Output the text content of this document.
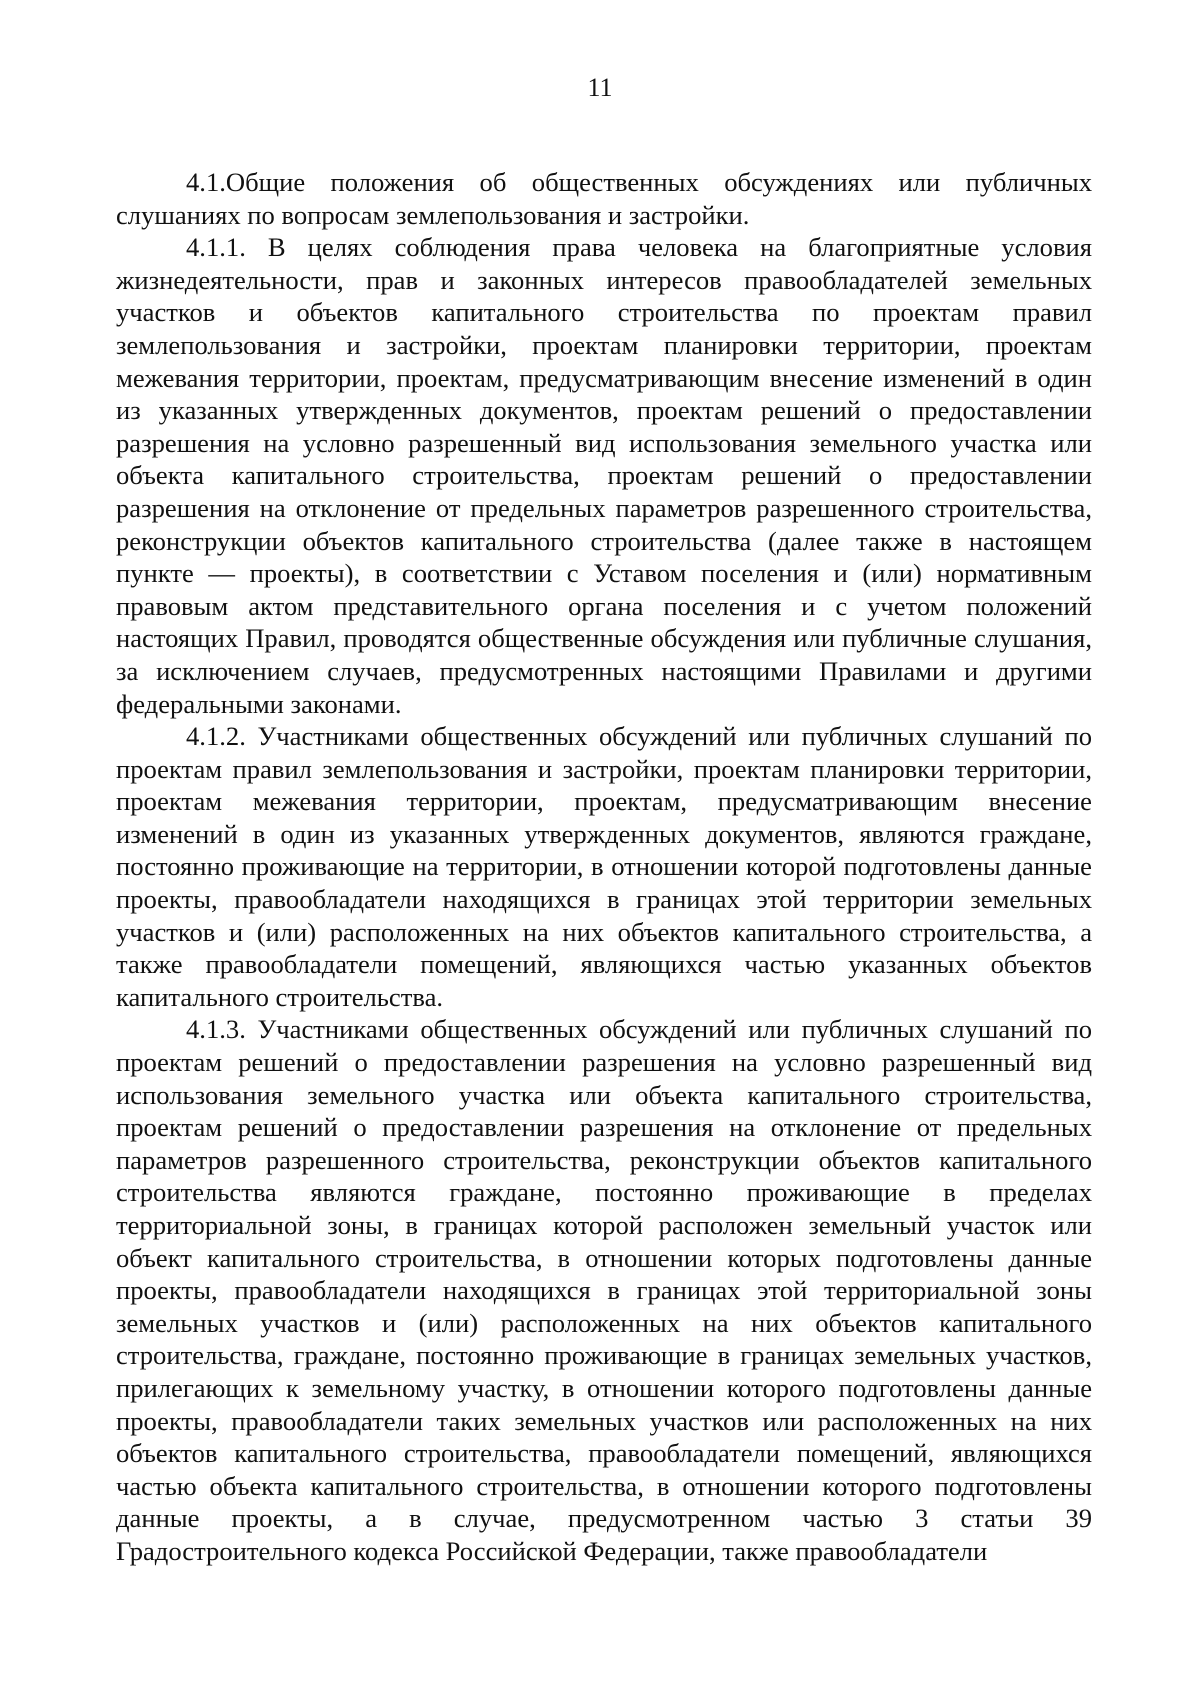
11

4.1.Общие положения об общественных обсуждениях или публичных слушаниях по вопросам землепользования и застройки.

4.1.1. В целях соблюдения права человека на благоприятные условия жизнедеятельности, прав и законных интересов правообладателей земельных участков и объектов капитального строительства по проектам правил землепользования и застройки, проектам планировки территории, проектам межевания территории, проектам, предусматривающим внесение изменений в один из указанных утвержденных документов, проектам решений о предоставлении разрешения на условно разрешенный вид использования земельного участка или объекта капитального строительства, проектам решений о предоставлении разрешения на отклонение от предельных параметров разрешенного строительства, реконструкции объектов капитального строительства (далее также в настоящем пункте — проекты), в соответствии с Уставом поселения и (или) нормативным правовым актом представительного органа поселения и с учетом положений настоящих Правил, проводятся общественные обсуждения или публичные слушания, за исключением случаев, предусмотренных настоящими Правилами и другими федеральными законами.

4.1.2. Участниками общественных обсуждений или публичных слушаний по проектам правил землепользования и застройки, проектам планировки территории, проектам межевания территории, проектам, предусматривающим внесение изменений в один из указанных утвержденных документов, являются граждане, постоянно проживающие на территории, в отношении которой подготовлены данные проекты, правообладатели находящихся в границах этой территории земельных участков и (или) расположенных на них объектов капитального строительства, а также правообладатели помещений, являющихся частью указанных объектов капитального строительства.

4.1.3. Участниками общественных обсуждений или публичных слушаний по проектам решений о предоставлении разрешения на условно разрешенный вид использования земельного участка или объекта капитального строительства, проектам решений о предоставлении разрешения на отклонение от предельных параметров разрешенного строительства, реконструкции объектов капитального строительства являются граждане, постоянно проживающие в пределах территориальной зоны, в границах которой расположен земельный участок или объект капитального строительства, в отношении которых подготовлены данные проекты, правообладатели находящихся в границах этой территориальной зоны земельных участков и (или) расположенных на них объектов капитального строительства, граждане, постоянно проживающие в границах земельных участков, прилегающих к земельному участку, в отношении которого подготовлены данные проекты, правообладатели таких земельных участков или расположенных на них объектов капитального строительства, правообладатели помещений, являющихся частью объекта капитального строительства, в отношении которого подготовлены данные проекты, а в случае, предусмотренном частью 3 статьи 39 Градостроительного кодекса Российской Федерации, также правообладатели
